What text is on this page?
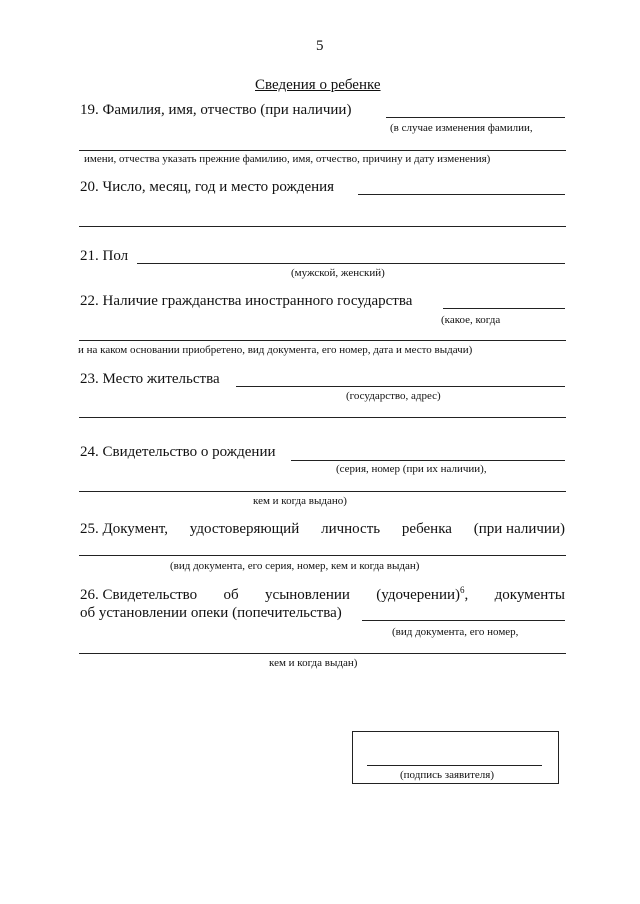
5
Сведения о ребенке
19. Фамилия, имя, отчество (при наличии)
(в случае изменения фамилии,
имени, отчества указать прежние фамилию, имя, отчество, причину и дату изменения)
20. Число, месяц, год и место рождения
21. Пол
(мужской, женский)
22. Наличие гражданства иностранного государства
(какое, когда
и на каком основании приобретено, вид документа, его номер, дата и место выдачи)
23. Место жительства
(государство, адрес)
24. Свидетельство о рождении
(серия, номер (при их наличии),
кем и когда выдано)
25. Документ, удостоверяющий личность ребенка (при наличии)
(вид документа, его серия, номер, кем и когда выдан)
26. Свидетельство об усыновлении (удочерении)$^6$, документы
об установлении опеки (попечительства)
(вид документа, его номер,
кем и когда выдан)
(подпись заявителя)
